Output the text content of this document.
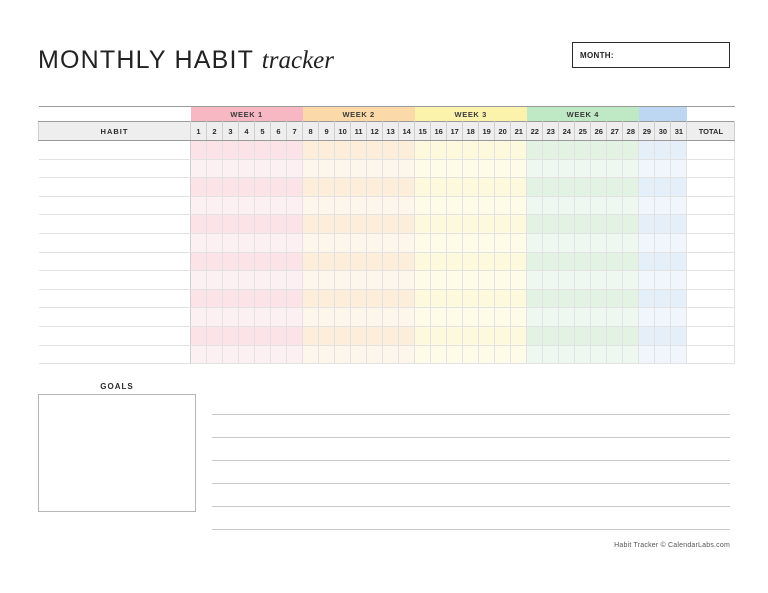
MONTHLY HABIT tracker	MONTH:
	WEEK 1							WEEK 2							WEEK 3							WEEK 4										
HABIT	1	2	3	4	5	6	7	8	9	10	11	12	13	14	15	16	17	18	19	20	21	22	23	24	25	26	27	28	29	30	31	TOTAL

GOALS
Habit Tracker © CalendarLabs.com
